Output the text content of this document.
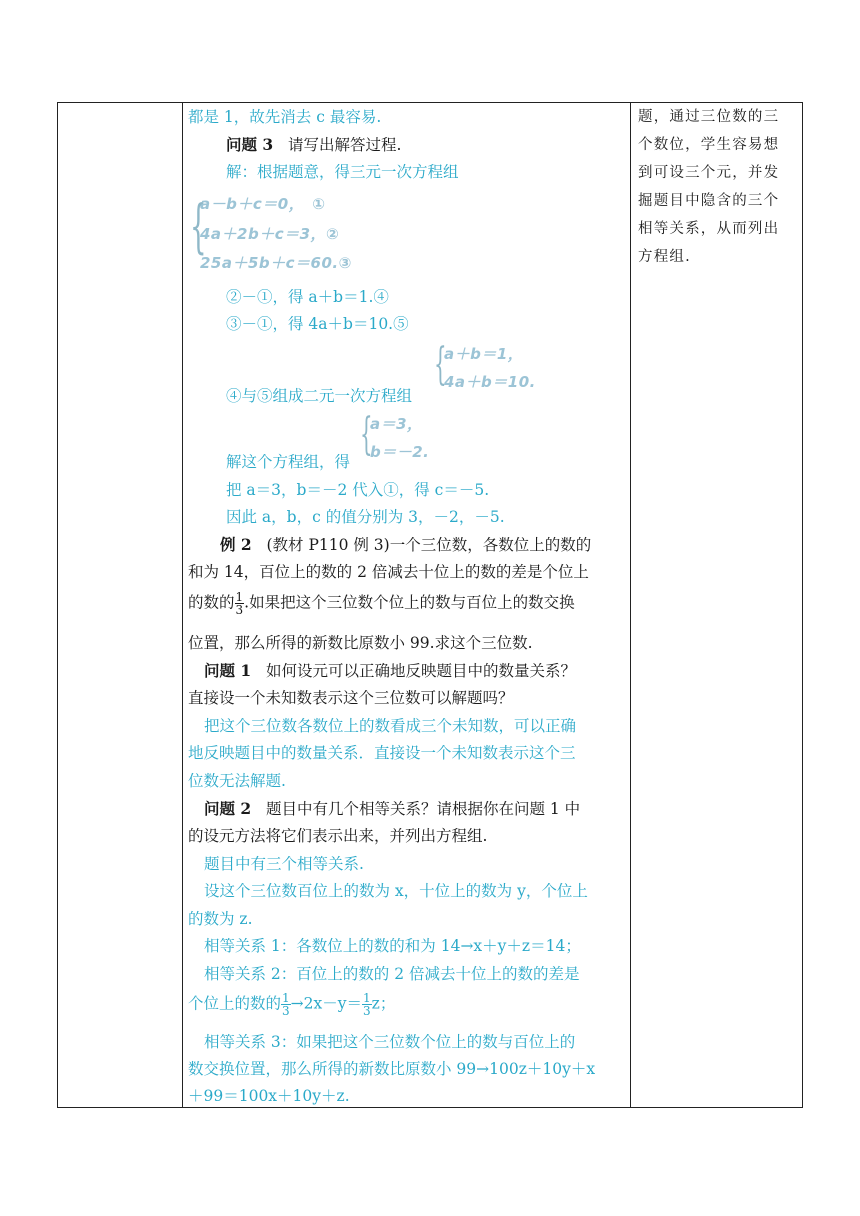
都是 1，故先消去 c 最容易.
问题 3 请写出解答过程.
解：根据题意，得三元一次方程组
{
a－b＋c＝0，　①
4a＋2b＋c＝3，②
25a＋5b＋c＝60.③
②－①，得 a＋b＝1.④
③－①，得 4a＋b＝10.⑤
{
a＋b＝1，
4a＋b＝10.
④与⑤组成二元一次方程组
{
a＝3，
b＝－2.
解这个方程组，得
把 a＝3，b＝－2 代入①，得 c＝－5.
因此 a，b，c 的值分别为 3，－2，－5.
例 2 (教材 P110 例 3)一个三位数，各数位上的数的
和为 14，百位上的数的 2 倍减去十位上的数的差是个位上
的数的 $\frac{1}{3}$ .如果把这个三位数个位上的数与百位上的数交换
位置，那么所得的新数比原数小 99.求这个三位数.
问题 1 如何设元可以正确地反映题目中的数量关系？
直接设一个未知数表示这个三位数可以解题吗？
把这个三位数各数位上的数看成三个未知数，可以正确
地反映题目中的数量关系．直接设一个未知数表示这个三
位数无法解题.
问题 2 题目中有几个相等关系？请根据你在问题 1 中
的设元方法将它们表示出来，并列出方程组.
题目中有三个相等关系.
设这个三位数百位上的数为 x，十位上的数为 y，个位上
的数为 z.
相等关系 1：各数位上的数的和为 14→x＋y＋z＝14；
相等关系 2：百位上的数的 2 倍减去十位上的数的差是
个位上的数的 $\frac{1}{3} \to 2x-y= \frac{1}{3}$ z；
相等关系 3：如果把这个三位数个位上的数与百位上的
数交换位置，那么所得的新数比原数小 99→100z＋10y＋x
＋99＝100x＋10y＋z.
题，通过三位数的三
个数位，学生容易想
到可设三个元，并发
掘题目中隐含的三个
相等关系，从而列出
方程组.
